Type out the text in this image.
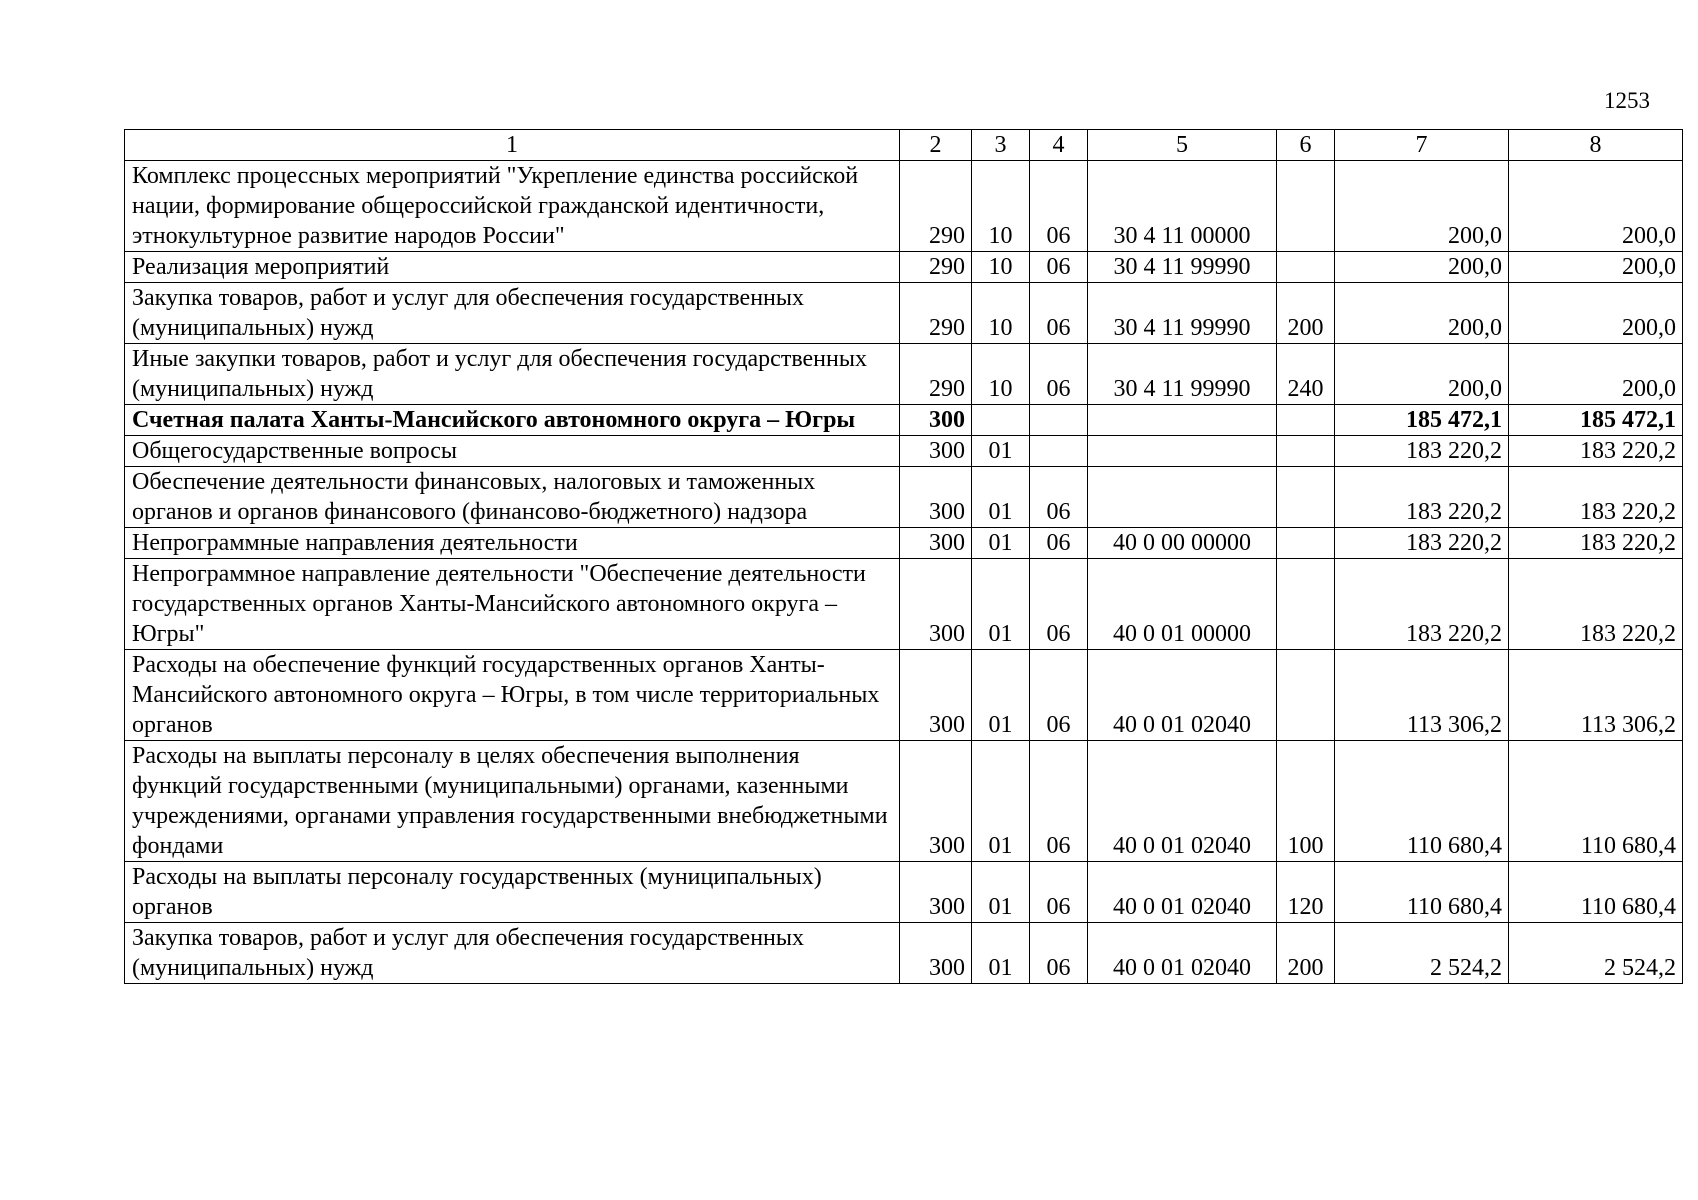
1253
1	2	3	4	5	6	7	8
Комплекс процессных мероприятий "Укрепление единства российской нации, формирование общероссийской гражданской идентичности, этнокультурное развитие народов России"	290	10	06	30 4 11 00000		200,0	200,0
Реализация мероприятий	290	10	06	30 4 11 99990		200,0	200,0
Закупка товаров, работ и услуг для обеспечения государственных (муниципальных) нужд	290	10	06	30 4 11 99990	200	200,0	200,0
Иные закупки товаров, работ и услуг для обеспечения государственных (муниципальных) нужд	290	10	06	30 4 11 99990	240	200,0	200,0
Счетная палата Ханты-Мансийского автономного округа – Югры	300					185 472,1	185 472,1
Общегосударственные вопросы	300	01				183 220,2	183 220,2
Обеспечение деятельности финансовых, налоговых и таможенных органов и органов финансового (финансово-бюджетного) надзора	300	01	06			183 220,2	183 220,2
Непрограммные направления деятельности	300	01	06	40 0 00 00000		183 220,2	183 220,2
Непрограммное направление деятельности "Обеспечение деятельности государственных органов Ханты-Мансийского автономного округа – Югры"	300	01	06	40 0 01 00000		183 220,2	183 220,2
Расходы на обеспечение функций государственных органов Ханты-Мансийского автономного округа – Югры, в том числе территориальных органов	300	01	06	40 0 01 02040		113 306,2	113 306,2
Расходы на выплаты персоналу в целях обеспечения выполнения функций государственными (муниципальными) органами, казенными учреждениями, органами управления государственными внебюджетными фондами	300	01	06	40 0 01 02040	100	110 680,4	110 680,4
Расходы на выплаты персоналу государственных (муниципальных) органов	300	01	06	40 0 01 02040	120	110 680,4	110 680,4
Закупка товаров, работ и услуг для обеспечения государственных (муниципальных) нужд	300	01	06	40 0 01 02040	200	2 524,2	2 524,2
